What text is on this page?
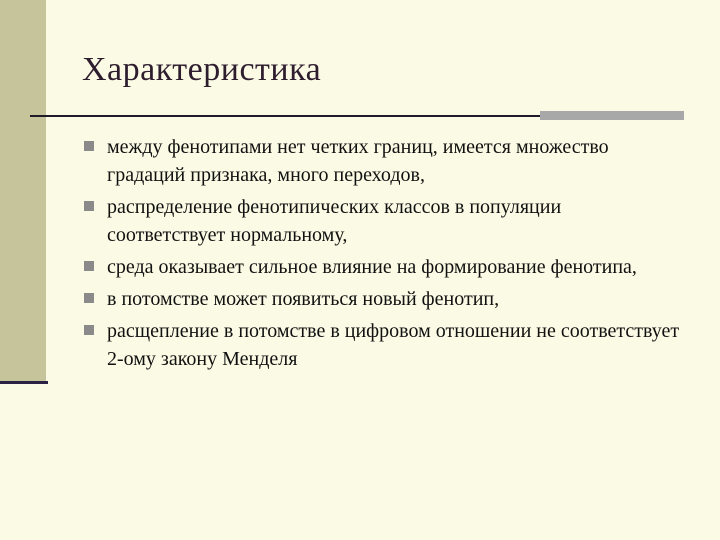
Характеристика
между фенотипами нет четких границ, имеется множество градаций признака, много переходов,
распределение фенотипических классов в популяции соответствует нормальному,
среда оказывает сильное влияние на формирование фенотипа,
в потомстве может появиться новый фенотип,
расщепление в потомстве в цифровом отношении не соответствует 2-ому закону Менделя
